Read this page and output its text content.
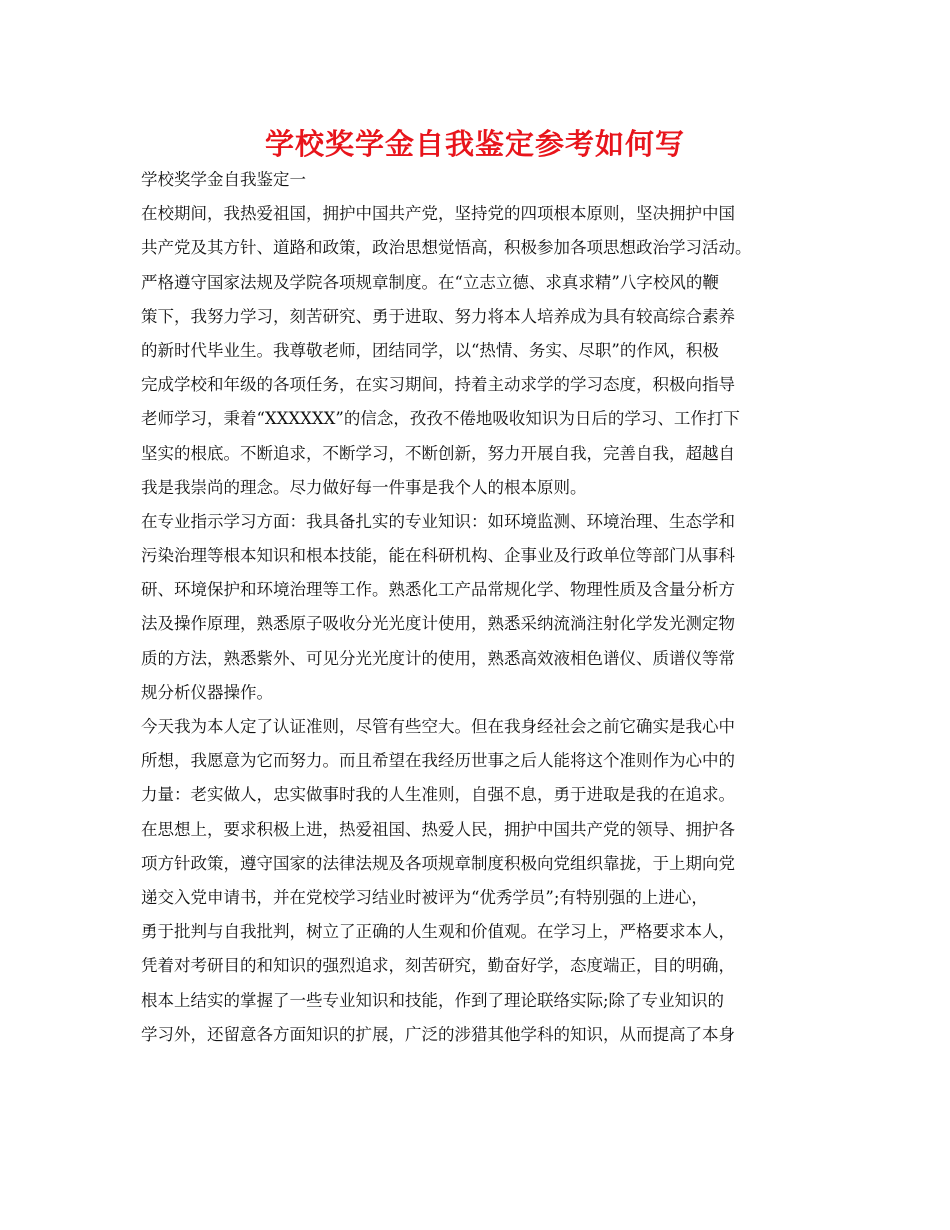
学校奖学金自我鉴定参考如何写
学校奖学金自我鉴定一
在校期间，我热爱祖国，拥护中国共产党，坚持党的四项根本原则，坚决拥护中国
共产党及其方针、道路和政策，政治思想觉悟高，积极参加各项思想政治学习活动。
严格遵守国家法规及学院各项规章制度。在“立志立德、求真求精”八字校风的鞭
策下，我努力学习，刻苦研究、勇于进取、努力将本人培养成为具有较高综合素养
的新时代毕业生。我尊敬老师，团结同学，以“热情、务实、尽职”的作风，积极
完成学校和年级的各项任务，在实习期间，持着主动求学的学习态度，积极向指导
老师学习，秉着“XXXXXX”的信念，孜孜不倦地吸收知识为日后的学习、工作打下
坚实的根底。不断追求，不断学习，不断创新，努力开展自我，完善自我，超越自
我是我崇尚的理念。尽力做好每一件事是我个人的根本原则。
在专业指示学习方面：我具备扎实的专业知识：如环境监测、环境治理、生态学和
污染治理等根本知识和根本技能，能在科研机构、企事业及行政单位等部门从事科
研、环境保护和环境治理等工作。熟悉化工产品常规化学、物理性质及含量分析方
法及操作原理，熟悉原子吸收分光光度计使用，熟悉采纳流淌注射化学发光测定物
质的方法，熟悉紫外、可见分光光度计的使用，熟悉高效液相色谱仪、质谱仪等常
规分析仪器操作。
今天我为本人定了认证准则，尽管有些空大。但在我身经社会之前它确实是我心中
所想，我愿意为它而努力。而且希望在我经历世事之后人能将这个准则作为心中的
力量：老实做人，忠实做事时我的人生准则，自强不息，勇于进取是我的在追求。
在思想上，要求积极上进，热爱祖国、热爱人民，拥护中国共产党的领导、拥护各
项方针政策，遵守国家的法律法规及各项规章制度积极向党组织靠拢，于上期向党
递交入党申请书，并在党校学习结业时被评为“优秀学员”;有特别强的上进心，
勇于批判与自我批判，树立了正确的人生观和价值观。在学习上，严格要求本人，
凭着对考研目的和知识的强烈追求，刻苦研究，勤奋好学，态度端正，目的明确，
根本上结实的掌握了一些专业知识和技能，作到了理论联络实际;除了专业知识的
学习外，还留意各方面知识的扩展，广泛的涉猎其他学科的知识，从而提高了本身
